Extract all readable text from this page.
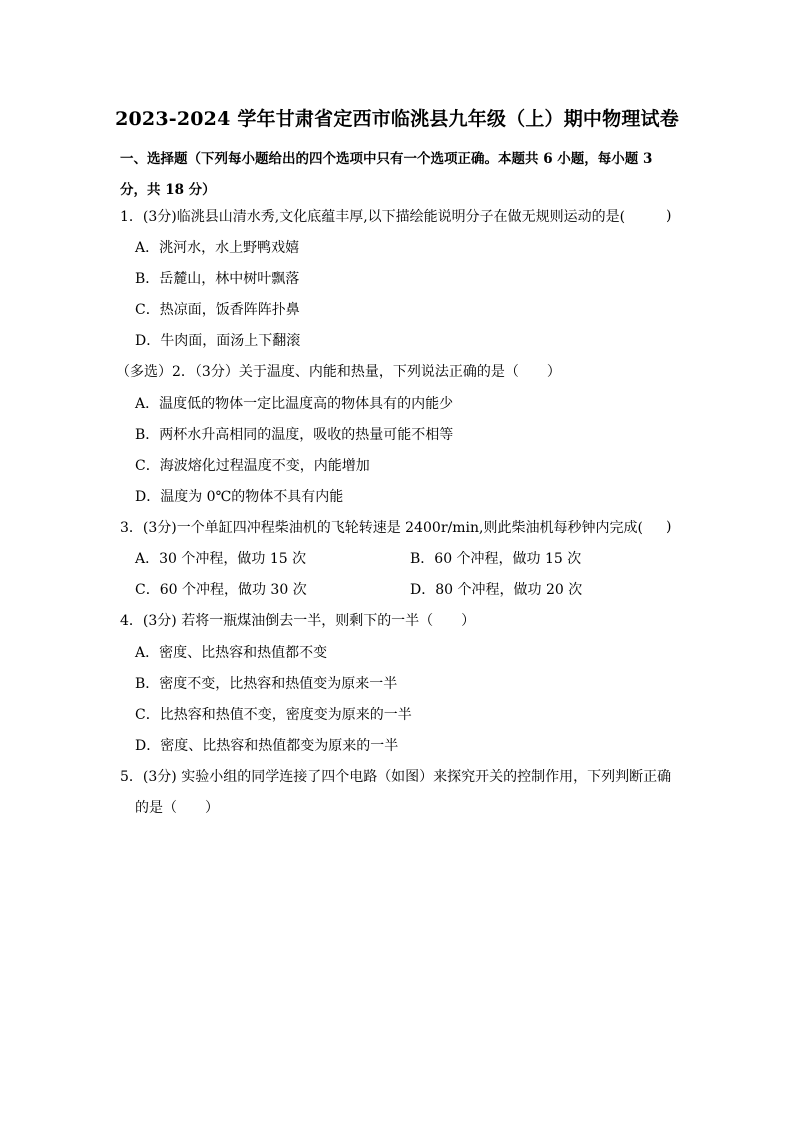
2023-2024 学年甘肃省定西市临洮县九年级（上）期中物理试卷
一、选择题（下列每小题给出的四个选项中只有一个选项正确。本题共 6 小题，每小题 3
分，共 18 分）
1．(3分)临洮县山清水秀,文化底蕴丰厚,以下描绘能说明分子在做无规则运动的是(	)
A．洮河水，水上野鸭戏嬉
B．岳麓山，林中树叶飘落
C．热凉面，饭香阵阵扑鼻
D．牛肉面，面汤上下翻滚
（多选）2．（3分）关于温度、内能和热量，下列说法正确的是（　　）
A．温度低的物体一定比温度高的物体具有的内能少
B．两杯水升高相同的温度，吸收的热量可能不相等
C．海波熔化过程温度不变，内能增加
D．温度为 0℃的物体不具有内能
3．(3分)一个单缸四冲程柴油机的飞轮转速是 2400r/min,则此柴油机每秒钟内完成( )
A．30 个冲程，做功 15 次	B．60 个冲程，做功 15 次
C．60 个冲程，做功 30 次	D．80 个冲程，做功 20 次
4．(3分) 若将一瓶煤油倒去一半，则剩下的一半（　　）
A．密度、比热容和热值都不变
B．密度不变，比热容和热值变为原来一半
C．比热容和热值不变，密度变为原来的一半
D．密度、比热容和热值都变为原来的一半
5．(3分) 实验小组的同学连接了四个电路（如图）来探究开关的控制作用，下列判断正确
的是（　　）
